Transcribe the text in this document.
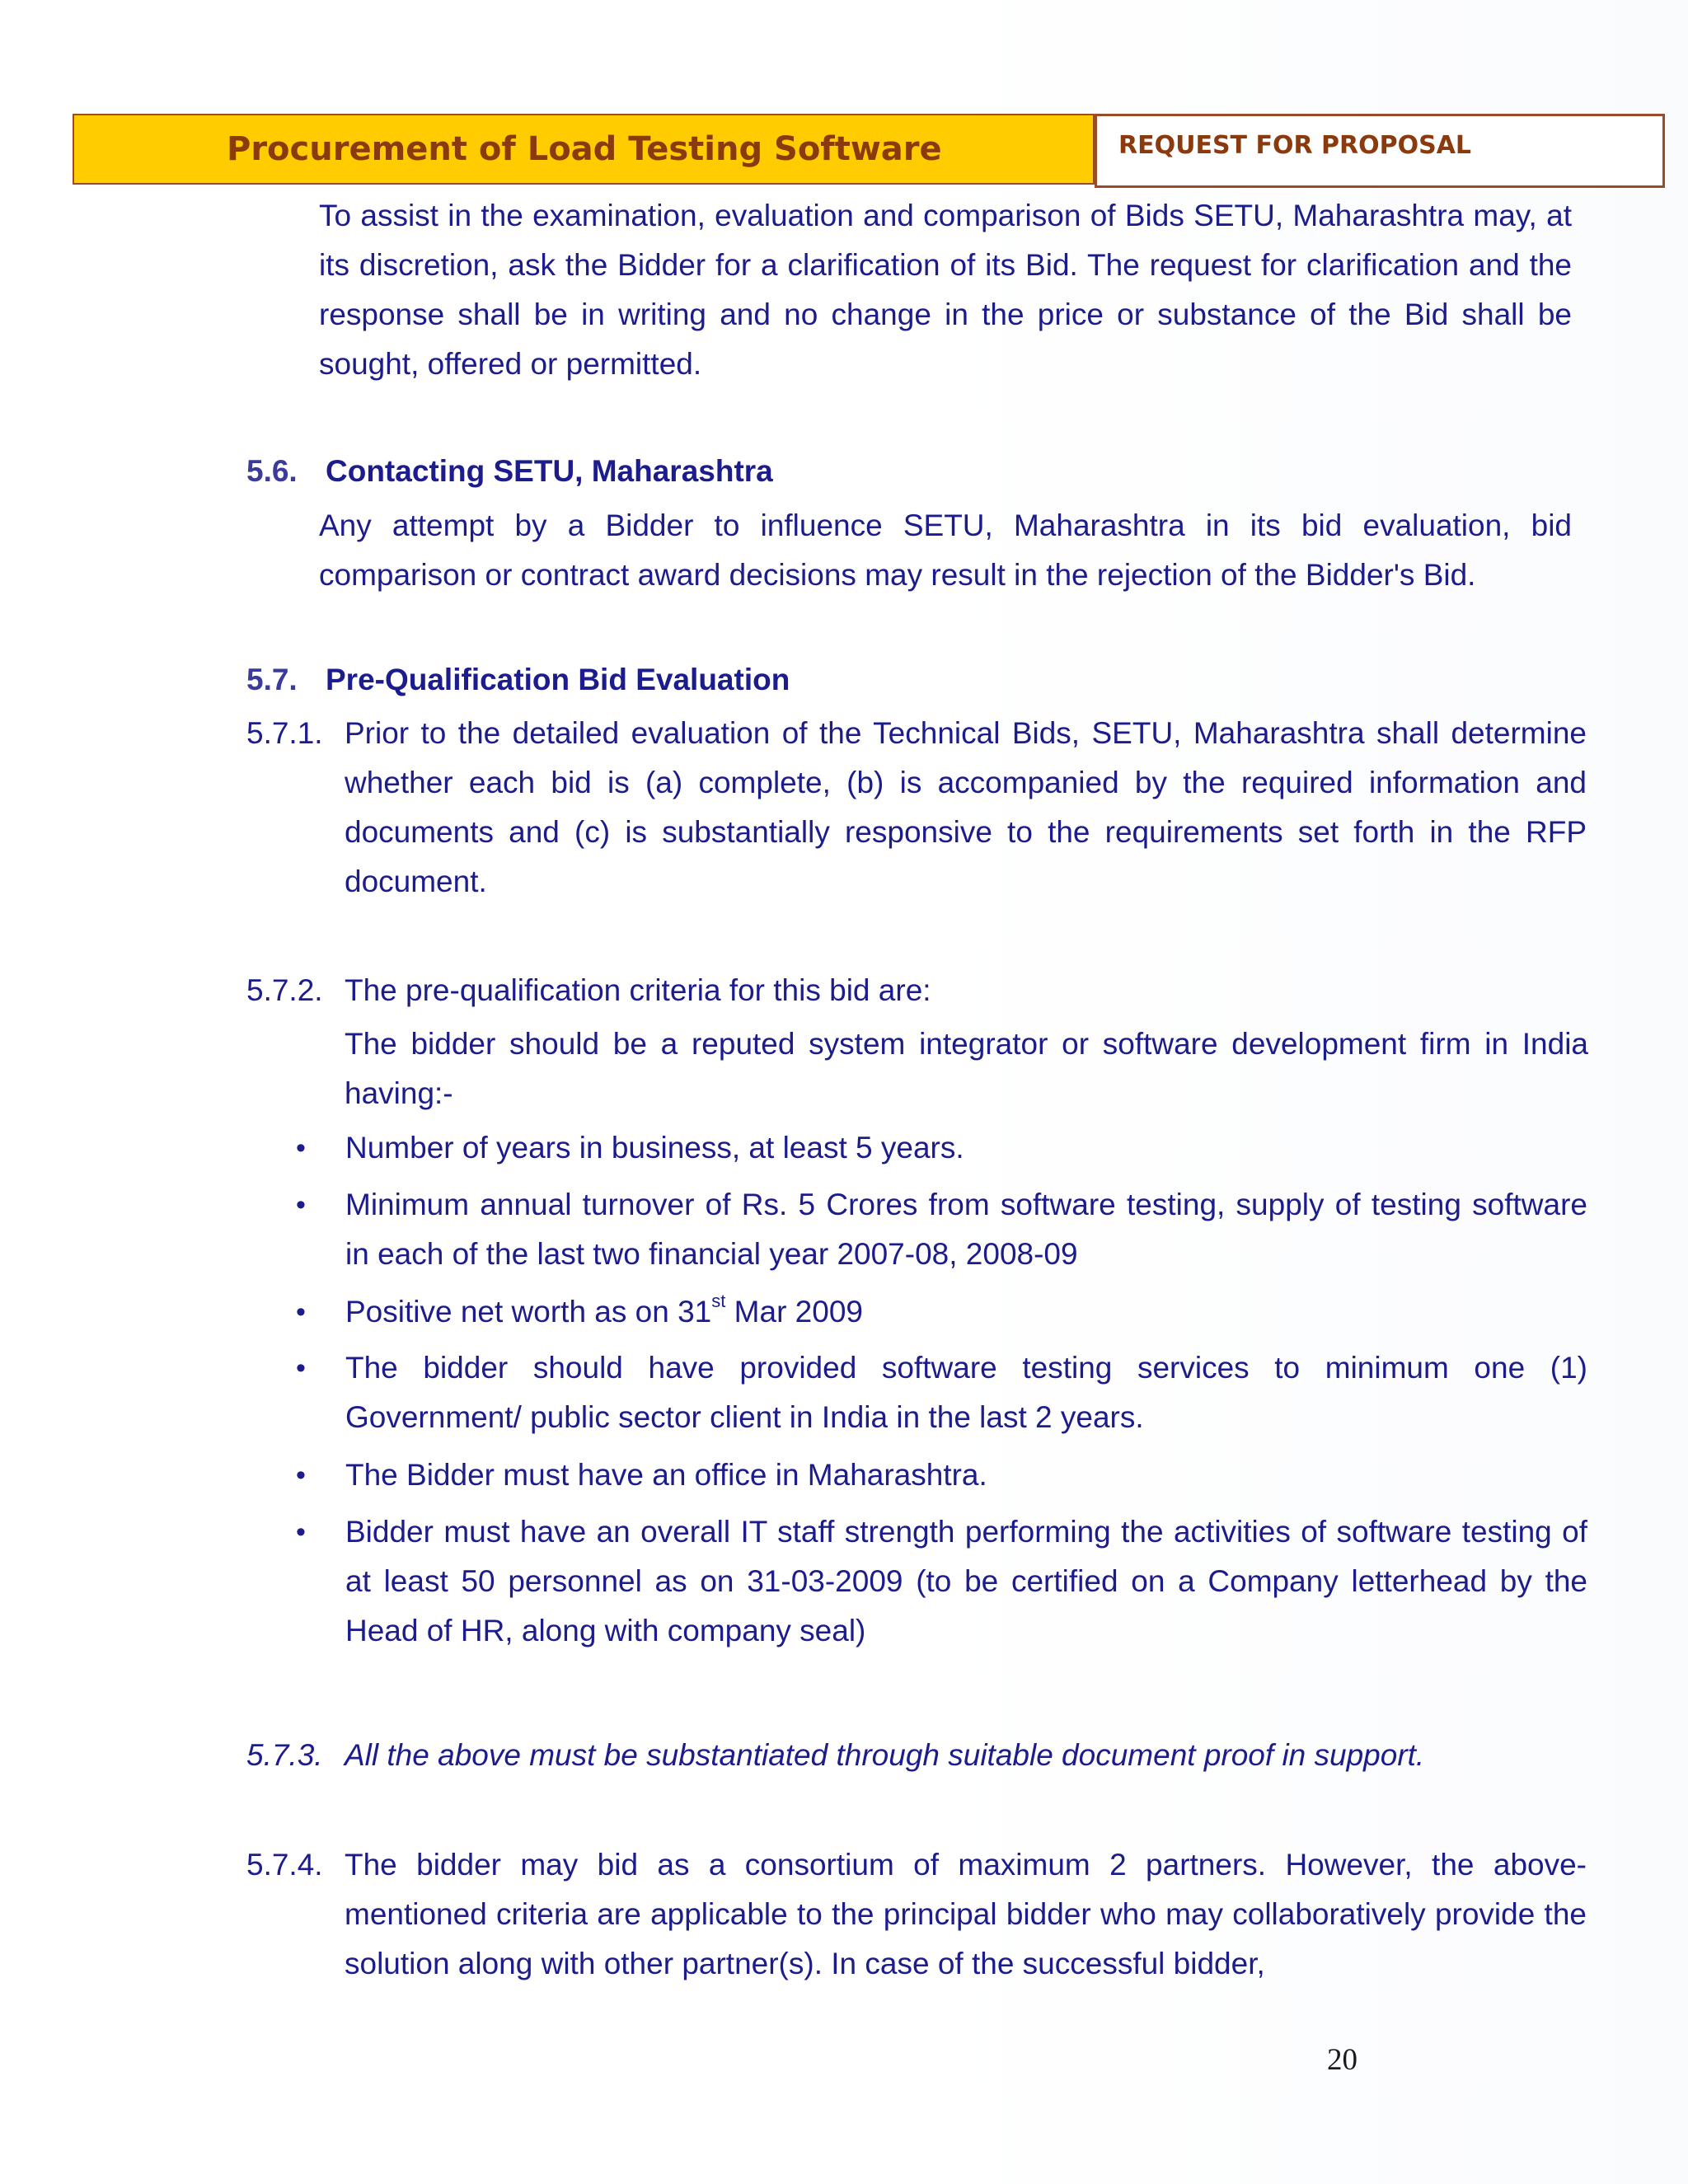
Procurement of Load Testing Software	REQUEST FOR PROPOSAL
To assist in the examination, evaluation and comparison of Bids SETU, Maharashtra may, at its discretion, ask the Bidder for a clarification of its Bid. The request for clarification and the response shall be in writing and no change in the price or substance of the Bid shall be sought, offered or permitted.
5.6. Contacting SETU, Maharashtra
Any attempt by a Bidder to influence SETU, Maharashtra in its bid evaluation, bid comparison or contract award decisions may result in the rejection of the Bidder's Bid.
5.7. Pre-Qualification Bid Evaluation
5.7.1. Prior to the detailed evaluation of the Technical Bids, SETU, Maharashtra shall determine whether each bid is (a) complete, (b) is accompanied by the required information and documents and (c) is substantially responsive to the requirements set forth in the RFP document.
5.7.2. The pre-qualification criteria for this bid are:
The bidder should be a reputed system integrator or software development firm in India having:-
• Number of years in business, at least 5 years.
• Minimum annual turnover of Rs. 5 Crores from software testing, supply of testing software in each of the last two financial year 2007-08, 2008-09
• Positive net worth as on 31st Mar 2009
• The bidder should have provided software testing services to minimum one (1) Government/ public sector client in India in the last 2 years.
• The Bidder must have an office in Maharashtra.
• Bidder must have an overall IT staff strength performing the activities of software testing of at least 50 personnel as on 31-03-2009 (to be certified on a Company letterhead by the Head of HR, along with company seal)
5.7.3. All the above must be substantiated through suitable document proof in support.
5.7.4. The bidder may bid as a consortium of maximum 2 partners. However, the above-mentioned criteria are applicable to the principal bidder who may collaboratively provide the solution along with other partner(s). In case of the successful bidder,
20
